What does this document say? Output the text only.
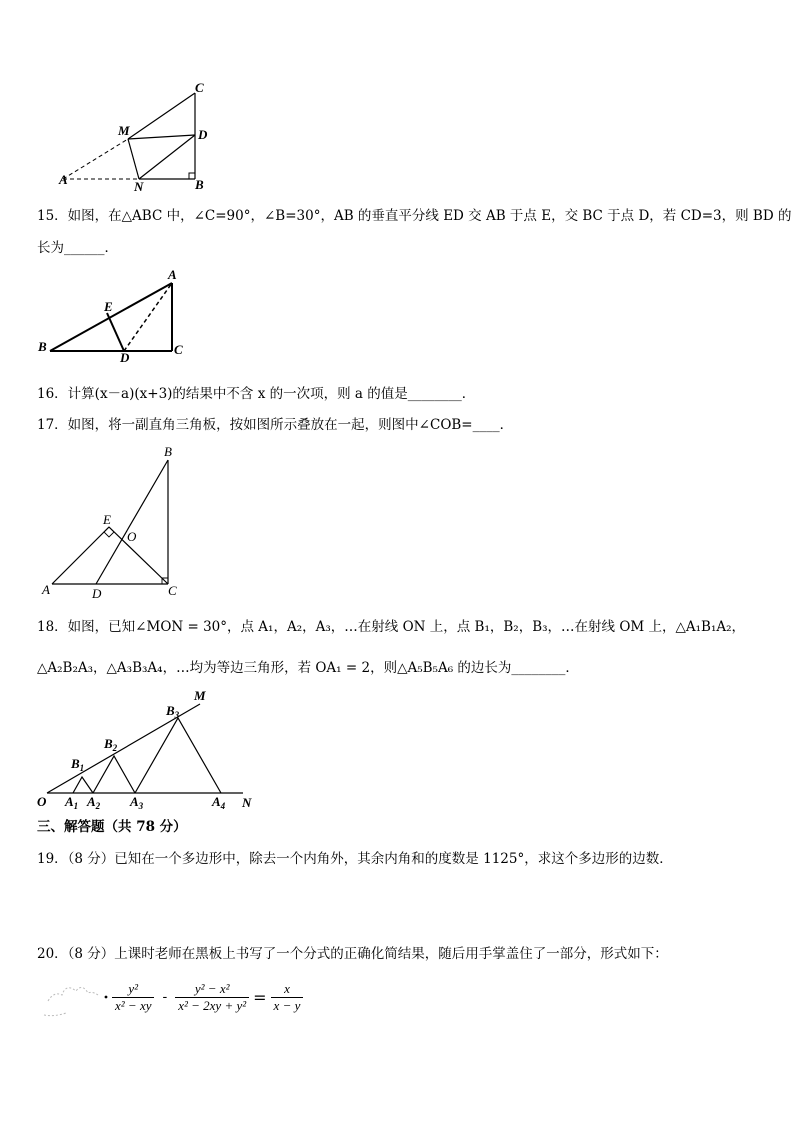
C
M	D
A	N	B
15．如图，在△ABC 中，∠C=90°，∠B=30°，AB 的垂直平分线 ED 交 AB 于点 E，交 BC 于点 D，若 CD=3，则 BD 的
长为______．
A
E
B
D
C
16．计算(x－a)(x+3)的结果中不含 x 的一次项，则 a 的值是________．
17．如图，将一副直角三角板，按如图所示叠放在一起，则图中∠COB=____．
B
E
O
A	D	C
18．如图，已知∠MON = 30°，点 A₁，A₂，A₃，…在射线 ON 上，点 B₁，B₂，B₃，…在射线 OM 上，△A₁B₁A₂，
△A₂B₂A₃，△A₃B₃A₄，…均为等边三角形，若 OA₁ = 2，则△A₅B₅A₆ 的边长为________．
M
O	N
$B_3$
$B_2$
$B_1$
$A_1$ $A_2$ $A_3$	$A_4$
三、解答题（共 78 分）
19．（8 分）已知在一个多边形中，除去一个内角外，其余内角和的度数是 1125°，求这个多边形的边数．
20．（8 分）上课时老师在黑板上书写了一个分式的正确化简结果，随后用手掌盖住了一部分，形式如下：
$\frac{\text{y²}}{\text{x² − xy}} - \frac{\text{y² − x²}}{\text{x² − 2xy + y²}} = \frac{x}{x - y}$
